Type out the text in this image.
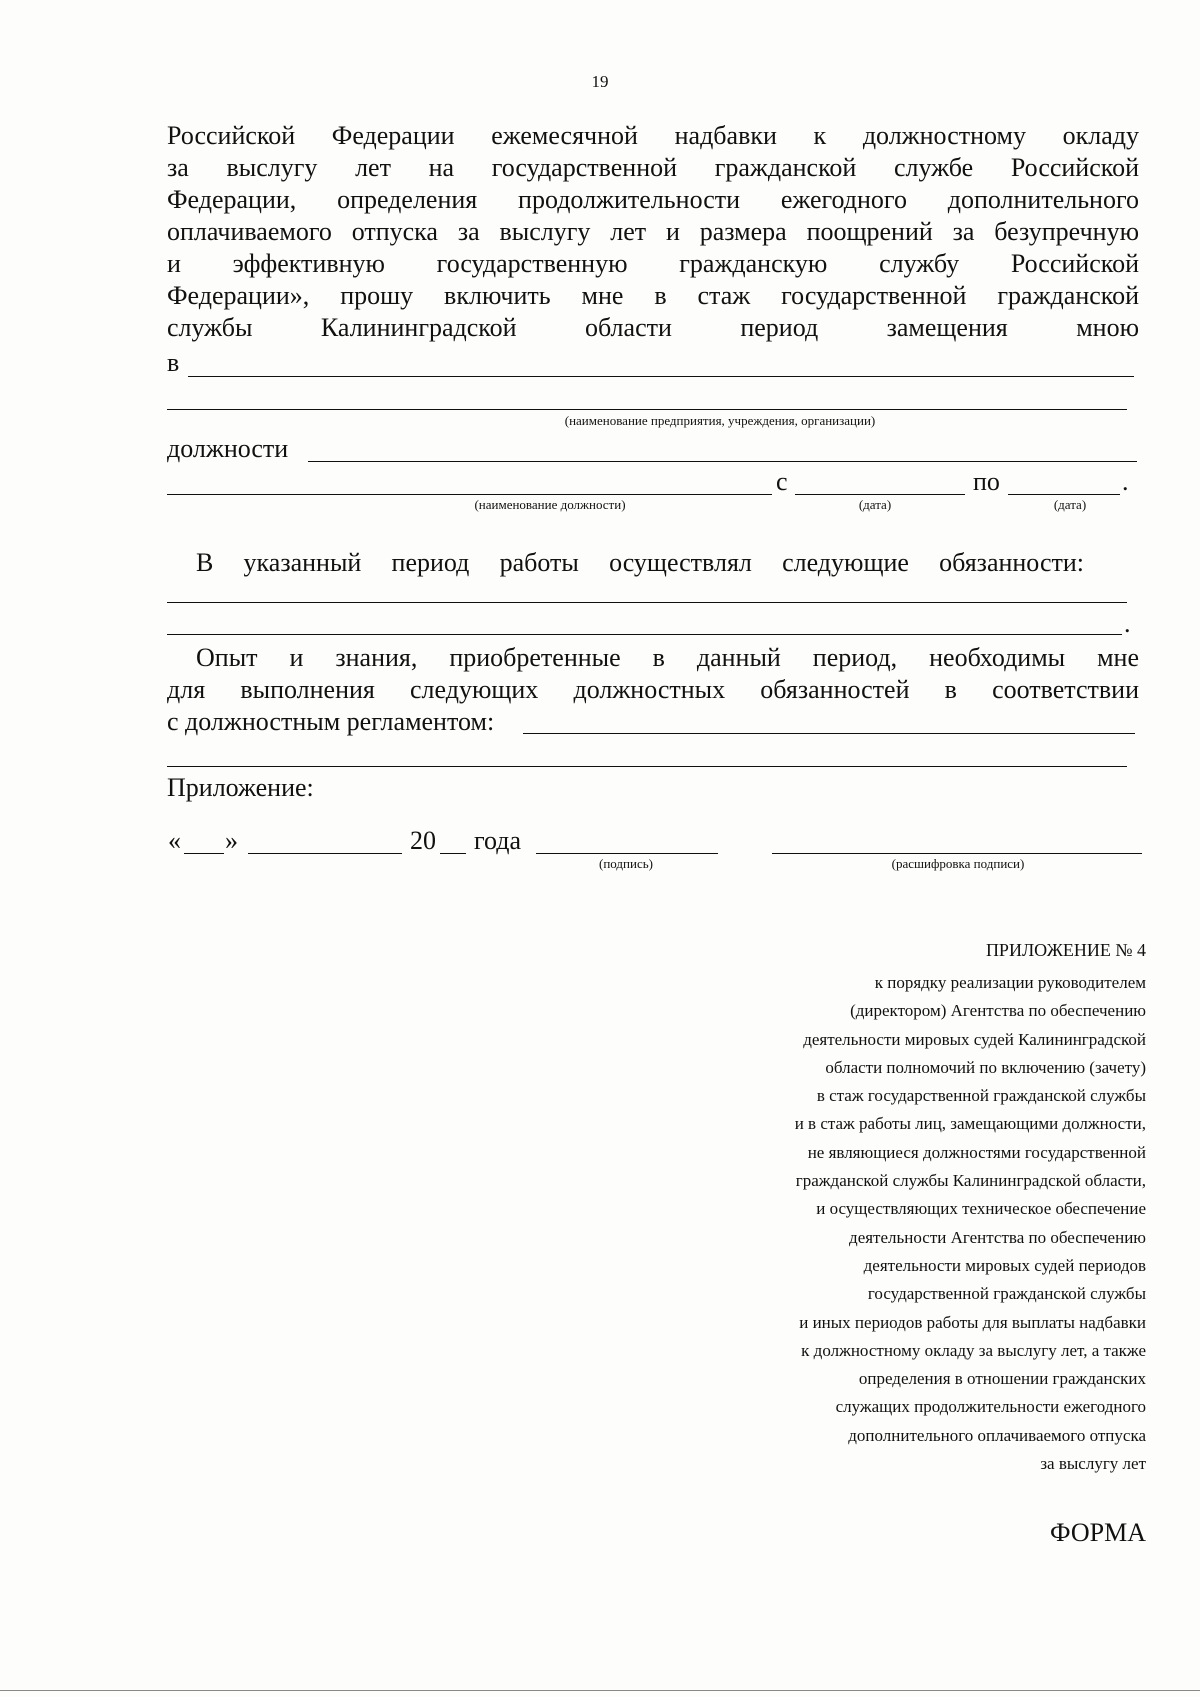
19
Российской Федерации ежемесячной надбавки к должностному окладу
за выслугу лет на государственной гражданской службе Российской
Федерации, определения продолжительности ежегодного дополнительного
оплачиваемого отпуска за выслугу лет и размера поощрений за безупречную
и эффективную государственную гражданскую службу Российской
Федерации», прошу включить мне в стаж государственной гражданской
службы Калининградской области период замещения мною
в
(наименование предприятия, учреждения, организации)
должности
с	по	.
(наименование должности)	(дата)	(дата)
В указанный период работы осуществлял следующие обязанности:
.
Опыт и знания, приобретенные в данный период, необходимы мне
для выполнения следующих должностных обязанностей в соответствии
с должностным регламентом:
Приложение:
« »	20 года
(подпись)	(расшифровка подписи)
ПРИЛОЖЕНИЕ № 4
к порядку реализации руководителем
(директором) Агентства по обеспечению
деятельности мировых судей Калининградской
области полномочий по включению (зачету)
в стаж государственной гражданской службы
и в стаж работы лиц, замещающими должности,
не являющиеся должностями государственной
гражданской службы Калининградской области,
и осуществляющих техническое обеспечение
деятельности Агентства по обеспечению
деятельности мировых судей периодов
государственной гражданской службы
и иных периодов работы для выплаты надбавки
к должностному окладу за выслугу лет, а также
определения в отношении гражданских
служащих продолжительности ежегодного
дополнительного оплачиваемого отпуска
за выслугу лет
ФОРМА
